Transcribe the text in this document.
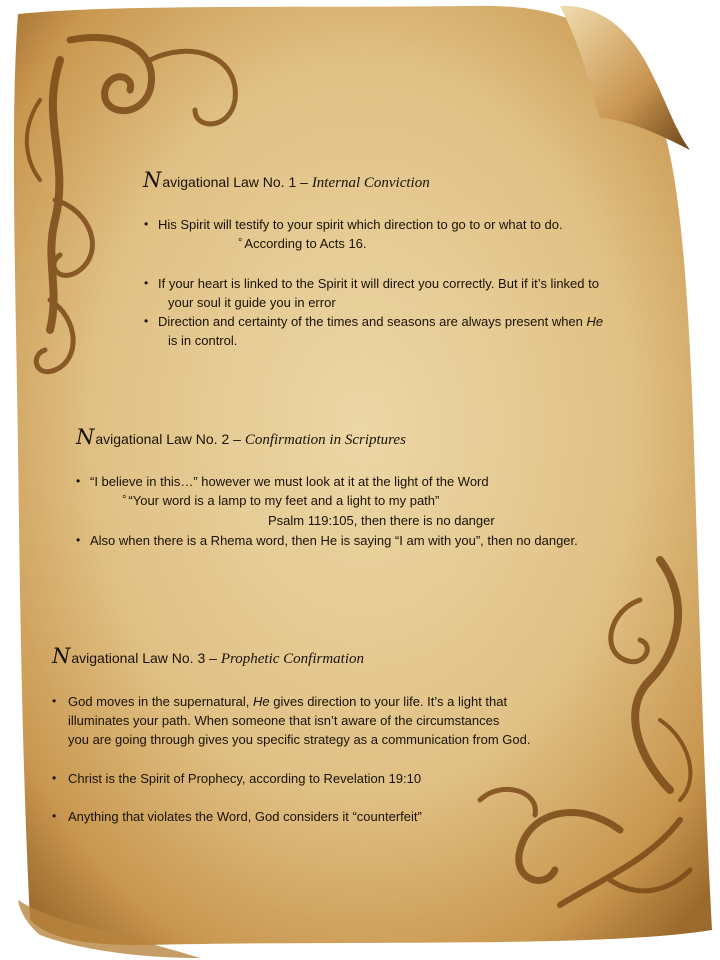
Navigational Law No. 1 – Internal Conviction
• His Spirit will testify to your spirit which direction to go to or what to do.
° According to Acts 16.
• If your heart is linked to the Spirit it will direct you correctly. But if it’s linked to
your soul it guide you in error
• Direction and certainty of the times and seasons are always present when He
is in control.
Navigational Law No. 2 – Confirmation in Scriptures
• “I believe in this…” however we must look at it at the light of the Word
° “Your word is a lamp to my feet and a light to my path”
Psalm 119:105, then there is no danger
• Also when there is a Rhema word, then He is saying “I am with you”, then no danger.
Navigational Law No. 3 – Prophetic Confirmation
• God moves in the supernatural, He gives direction to your life. It’s a light that
illuminates your path. When someone that isn’t aware of the circumstances
you are going through gives you specific strategy as a communication from God.
• Christ is the Spirit of Prophecy, according to Revelation 19:10
• Anything that violates the Word, God considers it “counterfeit”
